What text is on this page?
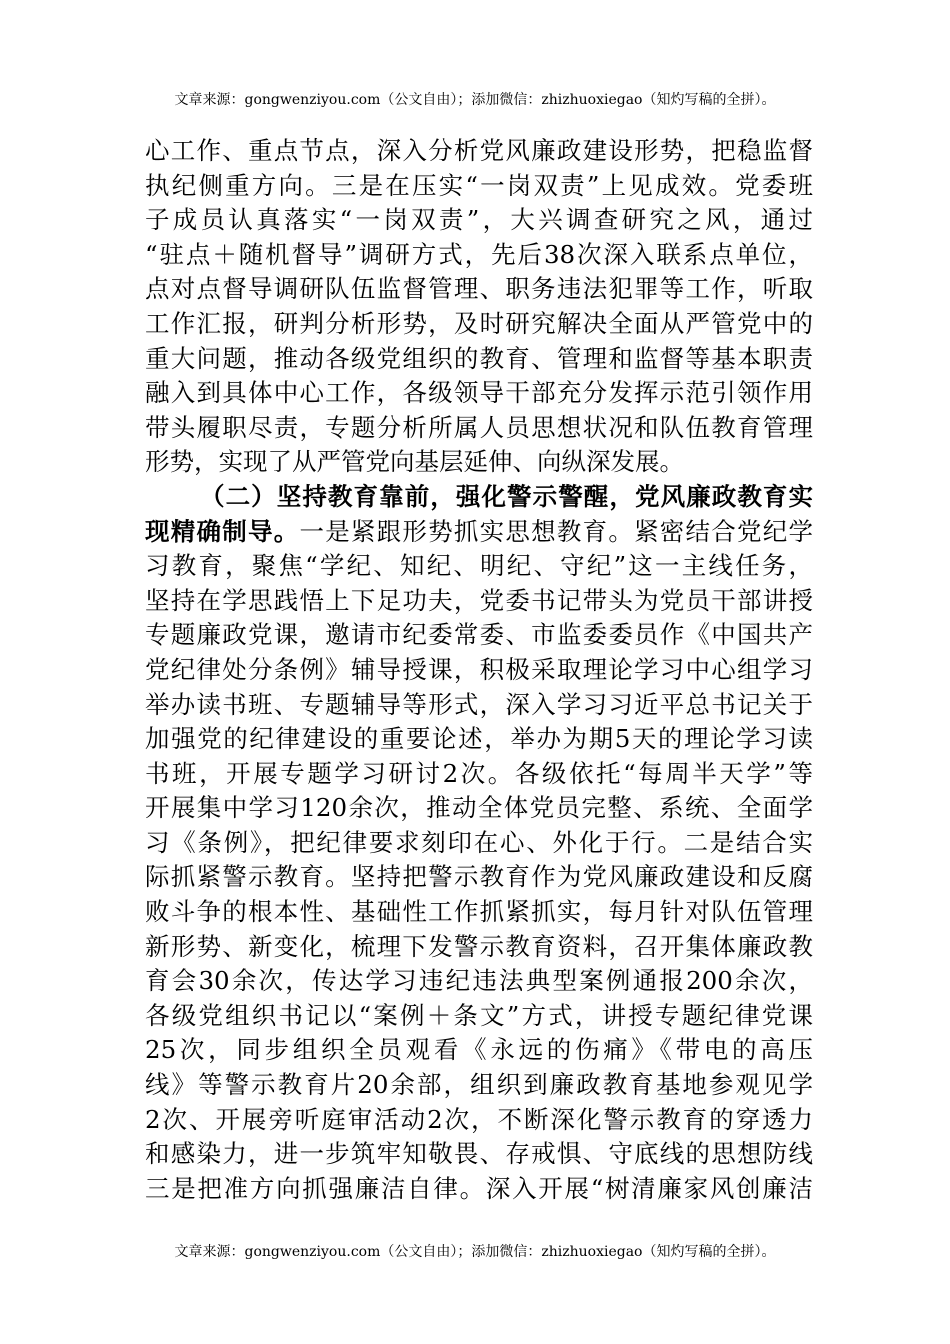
文章来源：gongwenziyou.com（公文自由）；添加微信：zhizhuoxiegao（知灼写稿的全拼）。
心工作、重点节点，深入分析党风廉政建设形势，把稳监督
执纪侧重方向。三是在压实“一岗双责”上见成效。党委班
子成员认真落实“一岗双责”，大兴调查研究之风，通过
“驻点＋随机督导”调研方式，先后38次深入联系点单位，
点对点督导调研队伍监督管理、职务违法犯罪等工作，听取
工作汇报，研判分析形势，及时研究解决全面从严管党中的
重大问题，推动各级党组织的教育、管理和监督等基本职责
融入到具体中心工作，各级领导干部充分发挥示范引领作用
带头履职尽责，专题分析所属人员思想状况和队伍教育管理
形势，实现了从严管党向基层延伸、向纵深发展。
（二）坚持教育靠前，强化警示警醒，党风廉政教育实
现精确制导。一是紧跟形势抓实思想教育。紧密结合党纪学
习教育，聚焦“学纪、知纪、明纪、守纪”这一主线任务，
坚持在学思践悟上下足功夫，党委书记带头为党员干部讲授
专题廉政党课，邀请市纪委常委、市监委委员作《中国共产
党纪律处分条例》辅导授课，积极采取理论学习中心组学习
举办读书班、专题辅导等形式，深入学习习近平总书记关于
加强党的纪律建设的重要论述，举办为期5天的理论学习读
书班，开展专题学习研讨2次。各级依托“每周半天学”等
开展集中学习120余次，推动全体党员完整、系统、全面学
习《条例》，把纪律要求刻印在心、外化于行。二是结合实
际抓紧警示教育。坚持把警示教育作为党风廉政建设和反腐
败斗争的根本性、基础性工作抓紧抓实，每月针对队伍管理
新形势、新变化，梳理下发警示教育资料，召开集体廉政教
育会30余次，传达学习违纪违法典型案例通报200余次，
各级党组织书记以“案例＋条文”方式，讲授专题纪律党课
25次，同步组织全员观看《永远的伤痛》《带电的高压
线》等警示教育片20余部，组织到廉政教育基地参观见学
2次、开展旁听庭审活动2次，不断深化警示教育的穿透力
和感染力，进一步筑牢知敬畏、存戒惧、守底线的思想防线
三是把准方向抓强廉洁自律。深入开展“树清廉家风创廉洁
文章来源：gongwenziyou.com（公文自由）；添加微信：zhizhuoxiegao（知灼写稿的全拼）。
